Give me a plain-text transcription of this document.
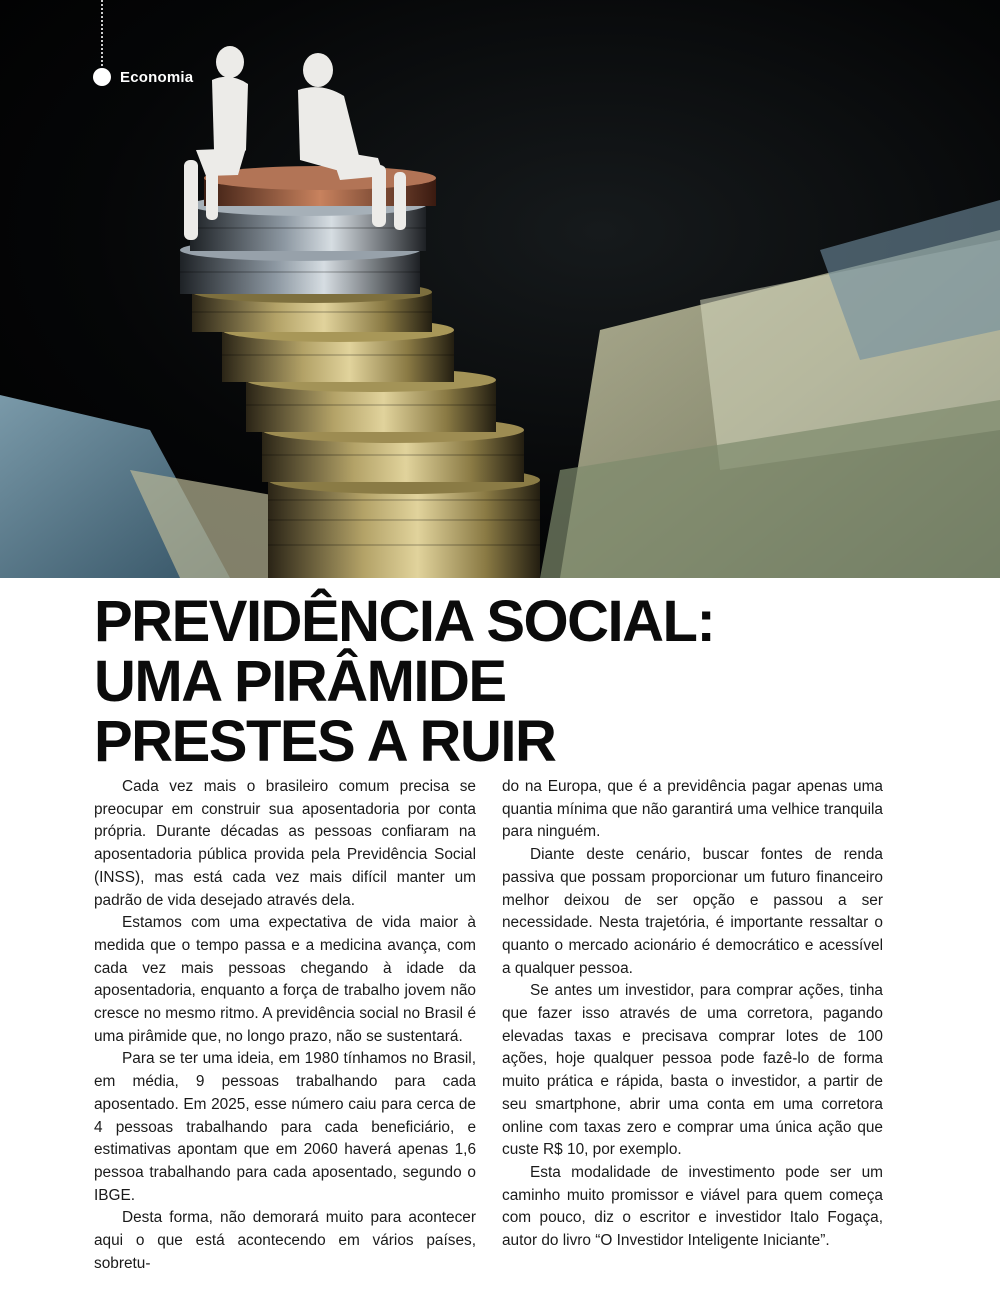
Economia
PREVIDÊNCIA SOCIAL:
UMA PIRÂMIDE
PRESTES A RUIR

Cada vez mais o brasileiro comum precisa se preocupar em construir sua aposentadoria por conta própria. Durante décadas as pessoas confiaram na aposentadoria pública provida pela Previdência Social (INSS), mas está cada vez mais difícil manter um padrão de vida desejado através dela.

Estamos com uma expectativa de vida maior à medida que o tempo passa e a medicina avança, com cada vez mais pessoas chegando à idade da aposentadoria, enquanto a força de trabalho jovem não cresce no mesmo ritmo. A previdência social no Brasil é uma pirâmide que, no longo prazo, não se sustentará.

Para se ter uma ideia, em 1980 tínhamos no Brasil, em média, 9 pessoas trabalhando para cada aposentado. Em 2025, esse número caiu para cerca de 4 pessoas trabalhando para cada beneficiário, e estimativas apontam que em 2060 haverá apenas 1,6 pessoa trabalhando para cada aposentado, segundo o IBGE.

Desta forma, não demorará muito para acontecer aqui o que está acontecendo em vários países, sobretu-

do na Europa, que é a previdência pagar apenas uma quantia mínima que não garantirá uma velhice tranquila para ninguém.

Diante deste cenário, buscar fontes de renda passiva que possam proporcionar um futuro financeiro melhor deixou de ser opção e passou a ser necessidade. Nesta trajetória, é importante ressaltar o quanto o mercado acionário é democrático e acessível a qualquer pessoa.

Se antes um investidor, para comprar ações, tinha que fazer isso através de uma corretora, pagando elevadas taxas e precisava comprar lotes de 100 ações, hoje qualquer pessoa pode fazê-lo de forma muito prática e rápida, basta o investidor, a partir de seu smartphone, abrir uma conta em uma corretora online com taxas zero e comprar uma única ação que custe R$ 10, por exemplo.

Esta modalidade de investimento pode ser um caminho muito promissor e viável para quem começa com pouco, diz o escritor e investidor Italo Fogaça, autor do livro “O Investidor Inteligente Iniciante”.
